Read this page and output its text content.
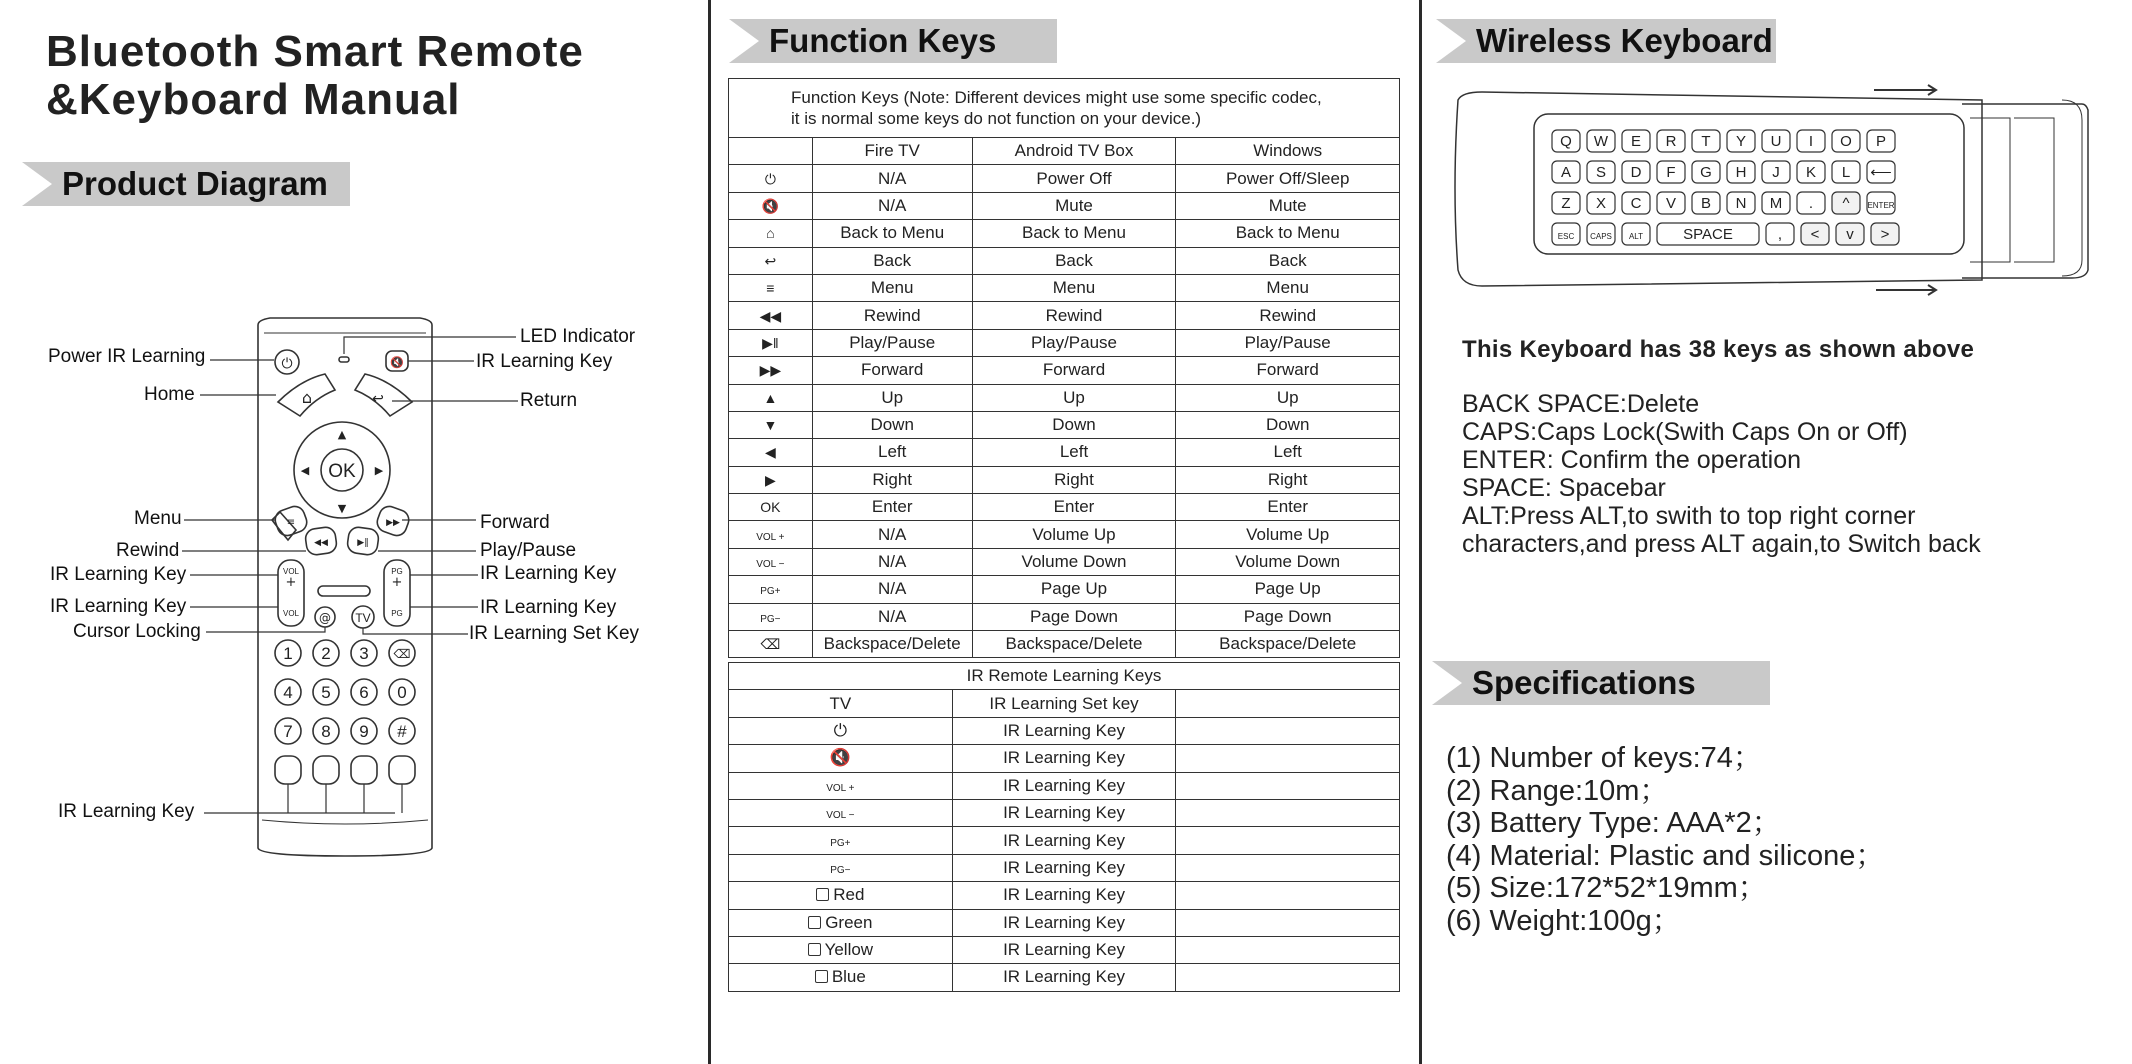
Bluetooth Smart Remote
&Keyboard Manual
Product Diagram
⏻	🔇
⌂	↩
▲
▼
◀	▶
OK
≡
◀◀	▶‖
▶▶
VOL
+
VOL
PG
+
PG
@ TV
1 2 3 ⌫
4 5 6 0
7 8 9 #
LED Indicator
Power IR Learning	IR Learning Key
Home	Return
Menu	Forward
Rewind	Play/Pause
IR Learning Key	IR Learning Key
IR Learning Key	IR Learning Key
Cursor Locking	IR Learning Set Key
IR Learning Key
Function Keys
Function Keys (Note: Different devices might use some specific codec,
it is normal some keys do not function on your device.)			

	Fire TV	Android TV Box	Windows
⏻	N/A	Power Off	Power Off/Sleep
🔇	N/A	Mute	Mute
⌂	Back to Menu	Back to Menu	Back to Menu
↩	Back	Back	Back
≡	Menu	Menu	Menu
◀◀	Rewind	Rewind	Rewind
▶‖	Play/Pause	Play/Pause	Play/Pause
▶▶	Forward	Forward	Forward
▲	Up	Up	Up
▼	Down	Down	Down
◀	Left	Left	Left
▶	Right	Right	Right
OK	Enter	Enter	Enter
VOL +	N/A	Volume Up	Volume Up
VOL −	N/A	Volume Down	Volume Down
PG+	N/A	Page Up	Page Up
PG−	N/A	Page Down	Page Down
⌫	Backspace/Delete	Backspace/Delete	Backspace/Delete
IR Remote Learning Keys		
TV	IR Learning Set key	
⏻	IR Learning Key	
🔇	IR Learning Key	
VOL +	IR Learning Key	
VOL −	IR Learning Key	
PG+	IR Learning Key	
PG−	IR Learning Key	
Red	IR Learning Key	
Green	IR Learning Key	
Yellow	IR Learning Key	
Blue	IR Learning Key	
Wireless Keyboard
Q W E R T Y U I O P
A S D F G H J K L ⟵
Z X C V B N M . ^ ENTER
ESC CAPS ALT	SPACE	, < v >
This Keyboard has 38 keys as shown above
BACK SPACE:Delete
CAPS:Caps Lock(Swith Caps On or Off)
ENTER: Confirm the operation
SPACE: Spacebar
ALT:Press ALT,to swith to top right corner
characters,and press ALT again,to Switch back
Specifications
(1) Number of keys:74；
(2) Range:10m；
(3) Battery Type: AAA*2；
(4) Material: Plastic and silicone；
(5) Size:172*52*19mm；
(6) Weight:100g；
